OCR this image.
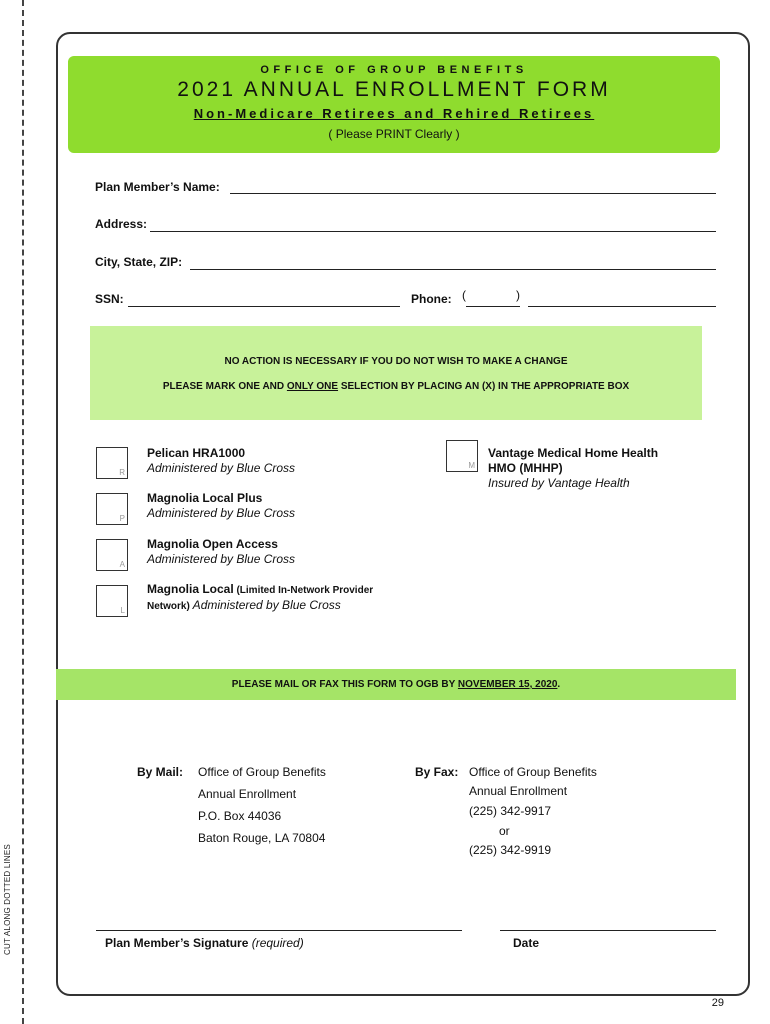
CUT ALONG DOTTED LINES
OFFICE OF GROUP BENEFITS
2021 ANNUAL ENROLLMENT FORM
Non-Medicare Retirees and Rehired Retirees
( Please PRINT Clearly )
Plan Member’s Name:
Address:
City, State, ZIP:
SSN:	Phone: (	)
NO ACTION IS NECESSARY IF YOU DO NOT WISH TO MAKE A CHANGE
PLEASE MARK ONE AND ONLY ONE SELECTION BY PLACING AN (X) IN THE APPROPRIATE BOX
R
Pelican HRA1000
Administered by Blue Cross
P
Magnolia Local Plus
Administered by Blue Cross
A
Magnolia Open Access
Administered by Blue Cross
L
Magnolia Local (Limited In-Network Provider
Network) Administered by Blue Cross
M
Vantage Medical Home Health
HMO (MHHP)
Insured by Vantage Health
PLEASE MAIL OR FAX THIS FORM TO OGB BY NOVEMBER 15, 2020.
By Mail: Office of Group Benefits
Annual Enrollment
P.O. Box 44036
Baton Rouge, LA 70804
By Fax: Office of Group Benefits
Annual Enrollment
(225) 342-9917
or
(225) 342-9919
Plan Member’s Signature (required)	Date
29
